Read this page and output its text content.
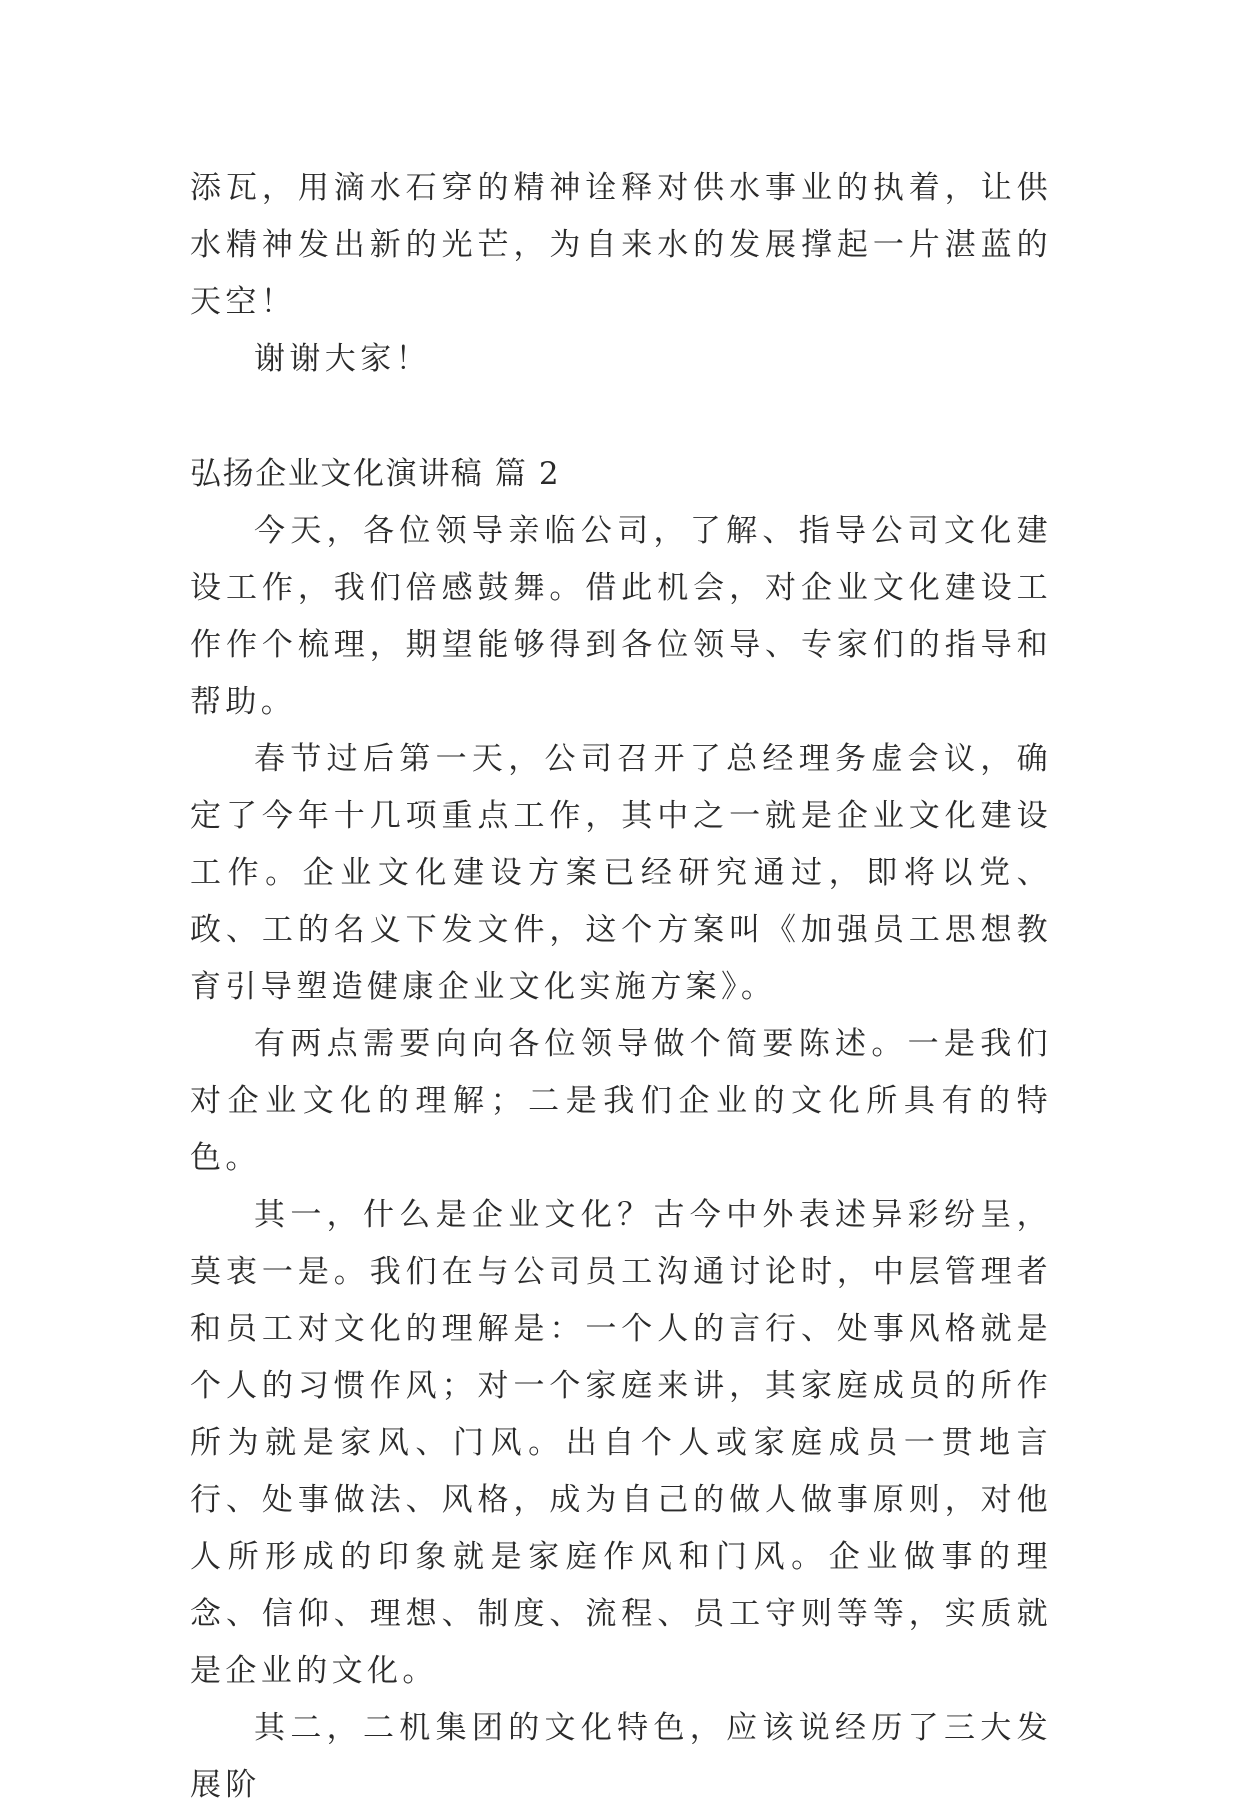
添瓦，用滴水石穿的精神诠释对供水事业的执着，让供水精神发出新的光芒，为自来水的发展撑起一片湛蓝的天空！

谢谢大家！

弘扬企业文化演讲稿 篇 2

今天，各位领导亲临公司，了解、指导公司文化建设工作，我们倍感鼓舞。借此机会，对企业文化建设工作作个梳理，期望能够得到各位领导、专家们的指导和帮助。

春节过后第一天，公司召开了总经理务虚会议，确定了今年十几项重点工作，其中之一就是企业文化建设工作。企业文化建设方案已经研究通过，即将以党、政、工的名义下发文件，这个方案叫《加强员工思想教育引导塑造健康企业文化实施方案》。

有两点需要向向各位领导做个简要陈述。一是我们对企业文化的理解；二是我们企业的文化所具有的特色。

其一，什么是企业文化？古今中外表述异彩纷呈，莫衷一是。我们在与公司员工沟通讨论时，中层管理者和员工对文化的理解是：一个人的言行、处事风格就是个人的习惯作风；对一个家庭来讲，其家庭成员的所作所为就是家风、门风。出自个人或家庭成员一贯地言行、处事做法、风格，成为自己的做人做事原则，对他人所形成的印象就是家庭作风和门风。企业做事的理念、信仰、理想、制度、流程、员工守则等等，实质就是企业的文化。

其二，二机集团的文化特色，应该说经历了三大发展阶
